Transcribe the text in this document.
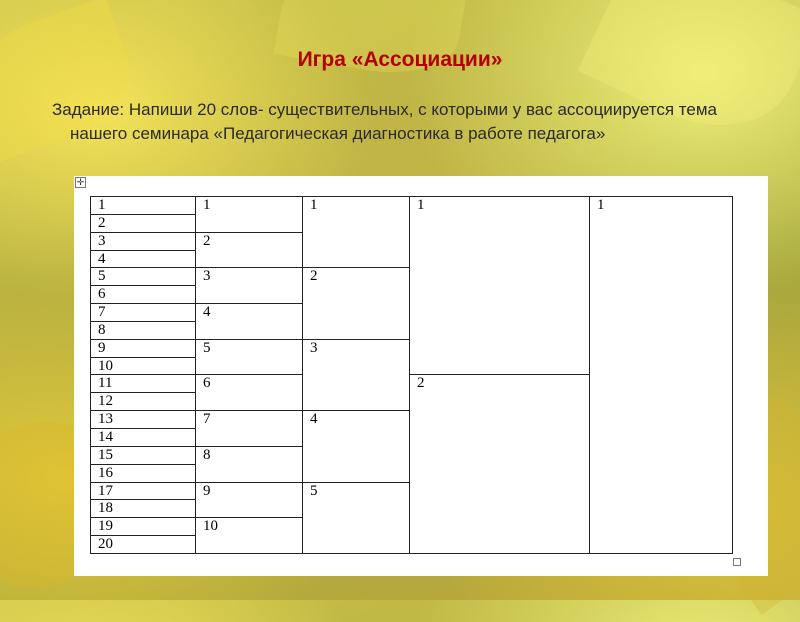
Игра «Ассоциации»
Задание: Напиши 20 слов- существительных, с которыми у вас ассоциируется тема нашего семинара «Педагогическая диагностика в работе педагога»
✛
1	1	1	1	1
2				
3	2			
4				
5	3	2		
6				
7	4			
8				
9	5	3		
10				
11	6		2	
12				
13	7	4		
14				
15	8			
16				
17	9	5		
18				
19	10			
20				
